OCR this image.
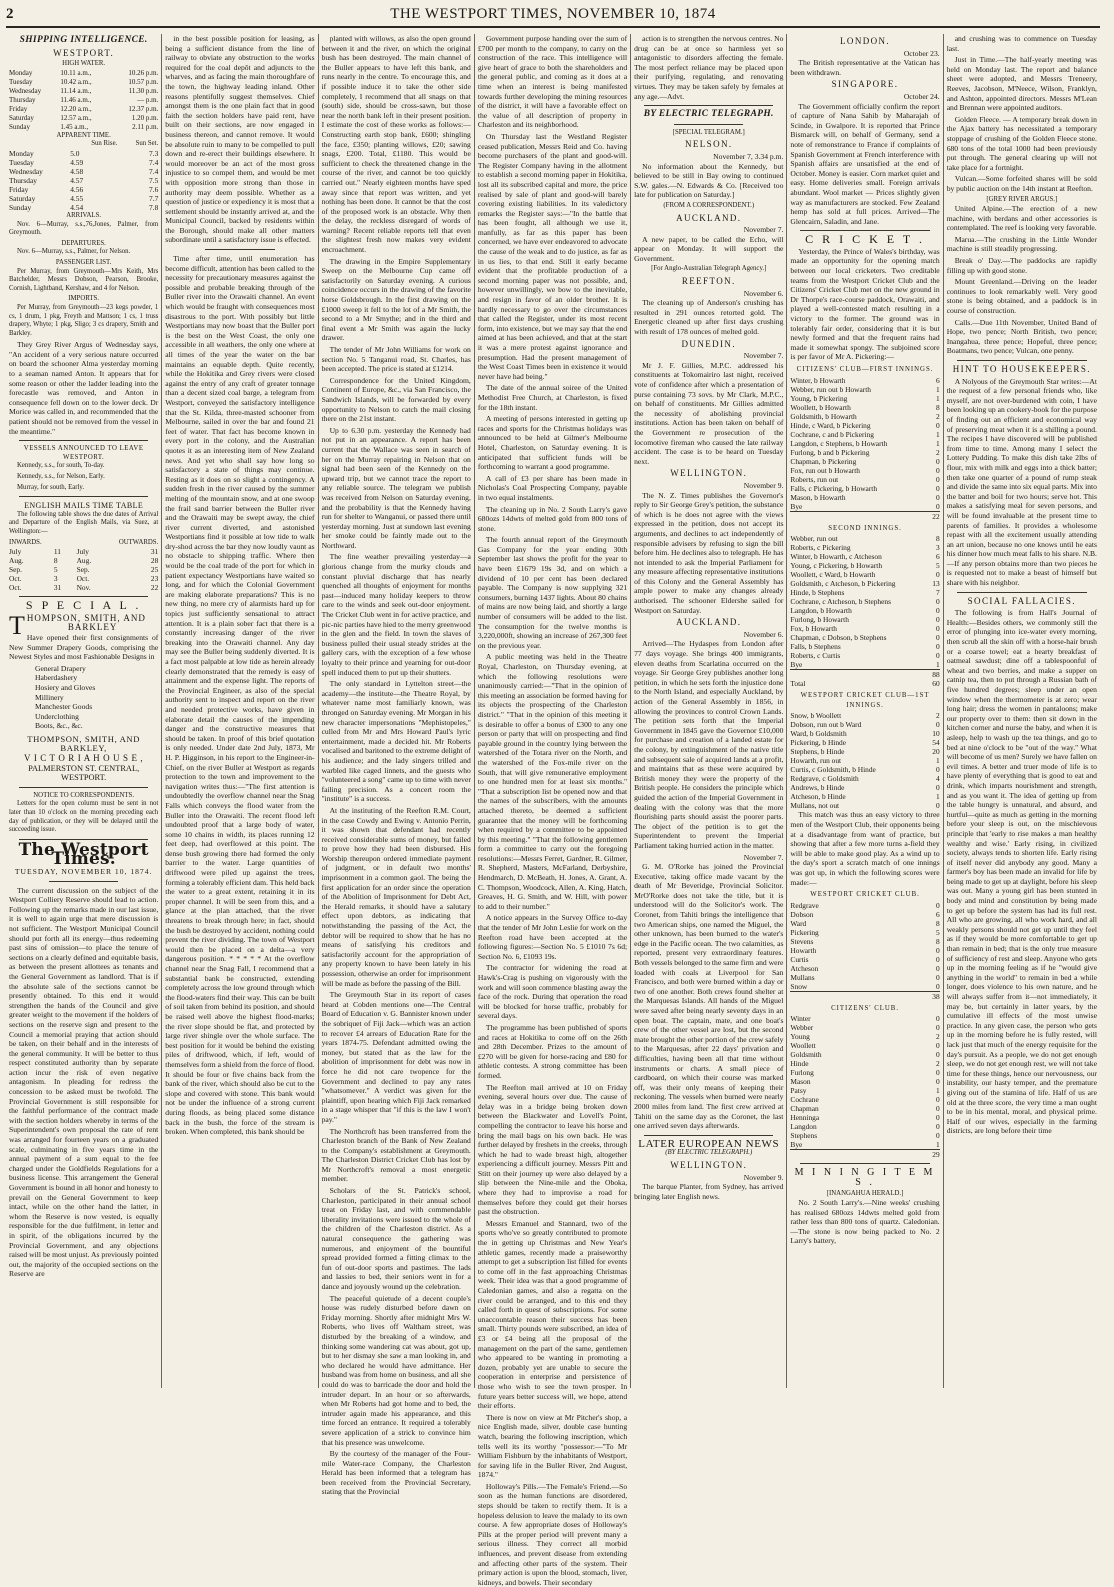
2	THE WESTPORT TIMES, NOVEMBER 10, 1874
SHIPPING INTELLIGENCE.
WESTPORT.
HIGH WATER.
Monday	10.11 a.m.,	10.26 p.m.
Tuesday	10.42 a.m.,	10.57 p.m.
Wednesday	11.14 a.m.,	11.30 p.m.
Thursday	11.46 a.m.,	— p.m.
Friday	12.20 a.m.,	12.37 p.m.
Saturday	12.57 a.m.,	1.20 p.m.
Sunday	1.45 a.m.,	2.11 p.m.
APPARENT TIME.
	Sun Rise.	Sun Set.
Monday	5.0	7.3
Tuesday	4.59	7.4
Wednesday	4.58	7.4
Thursday	4.57	7.5
Friday	4.56	7.6
Saturday	4.55	7.7
Sunday	4.54	7.8
ARRIVALS.

Nov. 6—Murray, s.s.,76,Jones, Palmer, from Greymouth.

DEPARTURES.

Nov. 6—Murray, s.s., Palmer, for Nelson.

PASSENGER LIST.

Per Murray, from Greymouth—Mrs Keith, Mrs Batchelder, Messrs Dobson, Pearson, Brooke, Cornish, Lightband, Kershaw, and 4 for Nelson.

IMPORTS.

Per Murray, from Greymouth—23 kegs powder, 1 cs, 1 drum, 1 pkg, Freyth and Mattson; 1 cs, 1 truss drapery, Whyte; 1 pkg, Sligo; 3 cs drapery, Smith and Barkley.

They Grey River Argus of Wednesday says, "An accident of a very serious nature occurred on board the schooner Alma yesterday morning to a seaman named Anton. It appears that for some reason or other the ladder leading into the forecastle was removed, and Anton in consequence fell down on to the lower deck. Dr Morice was called in, and recommended that the patient should not be removed from the vessel in the meantime."

VESSELS ANNOUNCED TO LEAVE WESTPORT.

Kennedy, s.s., for south, To-day.

Kennedy, s.s., for Nelson, Early.

Murray, for south, Early.

ENGLISH MAILS TIME TABLE

The following table shows the due dates of Arrival and Departure of the English Mails, via Suez, at Wellington:—

INWARDS.		OUTWARDS.	
July	11	July	31
Aug.	8	Aug.	28
Sep.	5	Sep.	25
Oct.	3	Oct.	23
Oct.	31	Nov.	22
S P E C I A L .
T HOMPSON, SMITH, AND
BARKLEY

Have opened their first consignments of New Summer Drapery Goods, comprising the Newest Styles and most Fashionable Designs in

General Drapery
Haberdashery
Hosiery and Gloves
Millinery
Manchester Goods
Underclothing
Boots, &c., &c.
THOMPSON, SMITH, AND BARKLEY,
V I C T O R I A H O U S E ,
PALMERSTON ST. CENTRAL,
WESTPORT.
NOTICE TO CORRESPONDENTS.

Letters for the open column must be sent in not later than 10 o'clock on the morning preceding each day of publication, or they will be delayed until the succeeding issue.

The Westport Times.
TUESDAY, NOVEMBER 10, 1874.

The current discussion on the subject of the Westport Colliery Reserve should lead to action. Following up the remarks made in our last issue, it is well to again urge that mere discussion is not sufficient. The Westport Municipal Council should put forth all its energy—thus redeeming past sins of omission—to place the tenure of sections on a clearly defined and equitable basis, as between the present allottees as tenants and the General Government as landlord. That is if the absolute sale of the sections cannot be presently obtained. To this end it would strengthen the hands of the Council and give greater weight to the movement if the holders of sections on the reserve sign and present to the Council a memorial praying that action should be taken, on their behalf and in the interests of the general community. It will be better to thus respect constituted authority than by separate action incur the risk of even negative antagonism. In pleading for redress the concession to be asked must be twofold. The Provincial Government is still responsible for the faithful performance of the contract made with the section holders whereby in terms of the Superintendent's own proposal the rate of rent was arranged for fourteen years on a graduated scale, culminating in five years time in the annual payment of a sum equal to the fee charged under the Goldfields Regulations for a business license. This arrangement the General Government is bound in all honor and honesty to prevail on the General Government to keep intact, while on the other hand the latter, in whom the Reserve is now vested, is equally responsible for the due fulfilment, in letter and in spirit, of the obligations incurred by the Provincial Government, and any objections raised will be most unjust. As previously pointed out, the majority of the occupied sections on the Reserve are

in the best possible position for leasing, as being a sufficient distance from the line of railway to obviate any obstruction to the works required for the coal depôt and adjuncts to the wharves, and as facing the main thoroughfare of the town, the highway leading inland. Other reasons plentifully suggest themselves. Chief amongst them is the one plain fact that in good faith the section holders have paid rent, have built on their sections, are now engaged in business thereon, and cannot remove. It would be absolute ruin to many to be compelled to pull down and re-erect their buildings elsewhere. It would moreover be an act of the most gross injustice to so compel them, and would be met with opposition more strong than those in authority may deem possible. Whether as a question of justice or expediency it is most that a settlement should be instantly arrived at, and the Municipal Council, backed by residents within the Borough, should make all other matters subordinate until a satisfactory issue is effected.

Time after time, until enumeration has become difficult, attention has been called to the necessity for precautionary measures against the possible and probable breaking through of the Buller river into the Orawaiti channel. An event which would be fraught with consequences most disastrous to the port. With possibly but little Westportians may now boast that the Buller port is the best on the West Coast, the only one accessible in all weathers, the only one where at all times of the year the water on the bar maintains an equable depth. Quite recently, while the Hokitika and Grey rivers were closed against the entry of any craft of greater tonnage than a decent sized coal barge, a telegram from Westport, conveyed the satisfactory intelligence that the St. Kilda, three-masted schooner from Melbourne, sailed in over the bar and found 21 feet of water. That fact has become known in every port in the colony, and the Australian quotes it as an interesting item of New Zealand news. And yet who shall say how long so satisfactory a state of things may continue. Resting as it does on so slight a contingency. A sudden fresh in the river caused by the summer melting of the mountain snow, and at one swoop the frail sand barrier between the Buller river and the Orawaiti may be swept away, the chief river current diverted, and astonished Westportians find it possible at low tide to walk dry-shod across the bar they now loudly vaunt as no obstacle to shipping traffic. Where then would be the coal trade of the port for which in patient expectancy Westportians have waited so long, and for which the Colonial Government are making elaborate preparations? This is no new thing, no mere cry of alarmists hard up for topics just sufficiently sensational to attract attention. It is a plain sober fact that there is a constantly increasing danger of the river breaking into the Orawaiti channel. Any day may see the Buller being suddenly diverted. It is a fact most palpable at low tide as herein already clearly demonstrated that the remedy is easy of attainment and the expense light. The reports of the Provincial Engineer, as also of the special authority sent to inspect and report on the river and needed protective works, have given in elaborate detail the causes of the impending danger and the constructive measures that should be taken. In proof of this brief quotation is only needed. Under date 2nd July, 1873, Mr H. P. Higginson, in his report to the Engineer-in-Chief, on the river Buller at Westport as regards protection to the town and improvement to the navigation writes thus:—"The first attention is undoubtedly the overflow channel near the Snag Falls which conveys the flood water from the Buller into the Orawaiti. The recent flood left undoubted proof that a large body of water, some 10 chains in width, its places running 12 feet deep, had overflowed at this point. The dense bush growing there had formed the only barrier to the water. Large quantities of driftwood were piled up against the trees, forming a tolerably efficient dam. This held back the water to a great extent, retaining it in its proper channel. It will be seen from this, and a glance at the plan attached, that the river threatens to break through here; in fact, should the bush be destroyed by accident, nothing could prevent the river dividing. The town of Westport would then be placed on a delta—a very dangerous position. * * * * * At the overflow channel near the Snag Fall, I recommend that a substantial bank be constructed, extending completely across the low ground through which the flood-waters find their way. This can be built of soil taken from behind its position, and should be raised well above the highest flood-marks; the river slope should be flat, and protected by large river shingle over the whole surface. The best position for it would be behind the existing piles of driftwood, which, if left, would of themselves form a shield from the force of flood. It should be four or five chains back from the bank of the river, which should also be cut to the slope and covered with stone. This bank would not be under the influence of a strong current during floods, as being placed some distance back in the bush, the force of the stream is broken. When completed, this bank should be

planted with willows, as also the open ground between it and the river, on which the original bush has been destroyed. The main channel of the Buller appears to have left this bank, and runs nearly in the centre. To encourage this, and if possible induce it to take the other side completely, I recommend that all snags on that (south) side, should be cross-sawn, but those near the north bank left in their present position. I estimate the cost of these works as follows:—Constructing earth stop bank, £600; shingling the face, £350; planting willows, £20; sawing snags, £200. Total, £1180. This would be sufficient to check the threatened change in the course of the river, and cannot be too quickly carried out." Nearly eighteen months have sped away since that report was written, and yet nothing has been done. It cannot be that the cost of the proposed work is an obstacle. Why then the delay, the reckless disregard of words of warning? Recent reliable reports tell that even the slightest fresh now makes very evident encroachment.

The drawing in the Empire Supplementary Sweep on the Melbourne Cup came off satisfactorily on Saturday evening. A curious coincidence occurs in the drawing of the favorite horse Goldsbrough. In the first drawing on the £1000 sweep it fell to the lot of a Mr Smith, the second to a Mr Smythe; and in the third and final event a Mr Smith was again the lucky drawer.

The tender of Mr John Williams for work on section No. 5 Tanganui road, St. Charles, has been accepted. The price is stated at £1214.

Correspondence for the United Kingdom, Continent of Europe, &c., via San Francisco, the Sandwich Islands, will be forwarded by every opportunity to Nelson to catch the mail closing there on the 21st instant.

Up to 6.30 p.m. yesterday the Kennedy had not put in an appearance. A report has been current that the Wallace was seen in search of her on the Murray repairing in Nelson that on signal had been seen of the Kennedy on the upward trip, but we cannot trace the report to any reliable source. The telegram we publish was received from Nelson on Saturday evening, and the probability is that the Kennedy having run for shelter to Wanganui, or passed there until yesterday morning. Just at sundown last evening her smoke could be faintly made out to the Northward.

The fine weather prevailing yesterday—a glorious change from the murky clouds and constant pluvial discharge that has nearly quenched all thoughts of enjoyment for months past—induced many holiday keepers to throw care to the winds and seek out-door enjoyment. The Cricket Club went in for active practice, and pic-nic parties have hied to the merry greenwood in the glen and the field. In town the slaves of business pulled their usual steady strides at the gallery cars, with the exception of a few whose loyalty to their prince and yearning for out-door spell induced them to put up their shutters.

The only standard in Lyttelton street—the academy—the institute—the Theatre Royal, by whatever name most familiarly known, was thronged on Saturday evening. Mr Morgan in his new character impersonations "Mephistopeles," culled from Mr and Mrs Howard Paul's lyric entertainment, made a decided hit. Mr Roberts vocalised and baritoned to the extreme delight of his audience; and the lady singers trilled and warbled like caged linnets, and the guests who "volunteered a song" came up to time with never failing precision. As a concert room the "institute" is a success.

At the instituting of the Reefton R.M. Court, in the case Cowdy and Ewing v. Antonio Perrin, it was shown that defendant had recently received considerable sums of money, but failed to prove how they had been disbursed. His Worship thereupon ordered immediate payment of judgment, or in default two months' imprisonment in a common gaol. The being the first application for an order since the operation of the Abolition of Imprisonment for Debt Act, the Herald remarks, it should have a salutary effect upon debtors, as indicating that notwithstanding the passing of the Act, the debtor will be required to show that he has no means of satisfying his creditors and satisfactorily account for the appropriation of any property known to have been lately in his possession, otherwise an order for imprisonment will be made as before the passing of the Bill.

The Greymouth Star in its report of cases heard at Cobden mentions one—The Central Board of Education v. G. Bannister known under the sobriquet of Fiji Jack—which was an action to recover £4 arrears of Education Rate for the years 1874-75. Defendant admitted owing the money, but stated that as the law for the abolition of imprisonment for debt was now in force he did not care twopence for the Government and declined to pay any rates "whatsomever." A verdict was given for the plaintiff, upon hearing which Fiji Jack remarked in a stage whisper that "if this is the law I won't pay."

The Northcroft has been transferred from the Charleston branch of the Bank of New Zealand to the Company's establishment at Greymouth. The Charleston District Cricket Club has lost by Mr Northcroft's removal a most energetic member.

Scholars of the St. Patrick's school, Charleston, participated in their annual school treat on Friday last, and with commendable liberality invitations were issued to the whole of the children of the Charleston district. As a natural consequence the gathering was numerous, and enjoyment of the bountiful spread provided formed a fitting climax to the fun of out-door sports and pastimes. The lads and lassies to bed, their seniors went in for a dance and joyously wound up the celebration.

The peaceful quietude of a decent couple's house was rudely disturbed before dawn on Friday morning. Shortly after midnight Mrs W. Roberts, who lives off Waltham street, was disturbed by the breaking of a window, and thinking some wandering cat was about, got up, but to her dismay she saw a man looking in, and who declared he would have admittance. Her husband was from home on business, and all she could do was to barricade the door and hold the intruder depart. In an hour or so afterwards, when Mr Roberts had got home and to bed, the intruder again made his appearance, and this time forced an entrance. It required a tolerably severe application of a strick to convince him that his presence was unwelcome.

By the courtesy of the manager of the Four-mile Water-race Company, the Charleston Herald has been informed that a telegram has been received from the Provincial Secretary, stating that the Provincial

Government purpose handing over the sum of £700 per month to the company, to carry on the construction of the race. This intelligence will give heart of grace to both the shareholders and the general public, and coming as it does at a time when an interest is being manifested towards further developing the mining resources of the district, it will have a favorable effect on the value of all description of property in Charleston and its neighborhood.

On Thursday last the Westland Register ceased publication, Messrs Reid and Co. having become purchasers of the plant and good-will. The Register Company having in the allotment to establish a second morning paper in Hokitika, lost all its subscribed capital and more, the price realised by sale of plant and good-will barely covering existing liabilities. In its valedictory remarks the Register says:—"In the battle that has been fought, all although we use it, manfully, as far as this paper has been concerned, we have ever endeavored to advocate the cause of the weak and to do justice, as far as in us lies, to that end. Still it early became evident that the profitable production of a second morning paper was not possible, and, however unwillingly, we bow to the inevitable, and resign in favor of an older brother. It is hardly necessary to go over the circumstances that called the Register, under its most recent form, into existence, but we may say that the end aimed at has been achieved, and that at the start it was a mere protest against ignorance and presumption. Had the present management of the West Coast Times been in existence it would never have had being."

The date of the annual soiree of the United Methodist Free Church, at Charleston, is fixed for the 18th instant.

A meeting of persons interested in getting up races and sports for the Christmas holidays was announced to be held at Gilmer's Melbourne Hotel, Charleston, on Saturday evening. It is anticipated that sufficient funds will be forthcoming to warrant a good programme.

A call of £3 per share has been made in Nicholas's Coal Prospecting Company, payable in two equal instalments.

The cleaning up in No. 2 South Larry's gave 680ozs 14dwts of melted gold from 800 tons of stone.

The fourth annual report of the Greymouth Gas Company for the year ending 30th September last shows the profit for the year to have been £1679 19s 3d, and on which a dividend of 10 per cent has been declared payable. The Company is now supplying 321 consumers, burning 1437 lights. About 80 chains of mains are now being laid, and shortly a large number of consumers will be added to the list. The consumption for the twelve months is 3,220,000ft, showing an increase of 267,300 feet on the previous year.

A public meeting was held in the Theatre Royal, Charleston, on Thursday evening, at which the following resolutions were unanimously carried:—"That in the opinion of this meeting an association be formed having for its objects the prospecting of the Charleston district." "That in the opinion of this meeting it is desirable to offer a bonus of £300 to any one person or party that will on prospecting and find payable ground in the country lying between the watershed of the Totara river on the North, and the watershed of the Fox-mile river on the South, that will give remunerative employment to one hundred men for at least six months." "That a subscription list be opened now and that the names of the subscribers, with the amounts attached thereto, be deemed a sufficient guarantee that the money will be forthcoming when required by a committee to be appointed by this meeting." "That the following gentlemen form a committee to carry out the foregoing resolutions:—Messrs Ferret, Gardner, R. Gilmer, R. Shepherd, Masters, McFarland, Derbyshire, Hendmarch, D. McBeath, H. Jones, A. Grant, A. C. Thompson, Woodcock, Allen, A. King, Hatch, Greaves, H. G. Smith, and W. Hill, with power to add to their number."

A notice appears in the Survey Office to-day that the tender of Mr John Leslie for work on the Reefton road have been accepted at the following figures:—Section No. 5 £1010 7s 6d; Section No. 6, £1093 19s.

The contractor for widening the road at Hawk's-Crag is pushing on vigorously with the work and will soon commence blasting away the face of the rock. During that operation the road will be blocked for horse traffic, probably for several days.

The programme has been published of sports and races at Hokitika to come off on the 26th and 28th December. Prizes to the amount of £270 will be given for horse-racing and £80 for athletic contests. A strong committee has been formed.

The Reefton mail arrived at 10 on Friday evening, several hours over due. The cause of delay was in a bridge being broken down between the Blackwater and Lovell's Point, compelling the contractor to leave his horse and bring the mail bags on his own back. He was further delayed by freshets in the creeks, through which he had to wade breast high, altogether experiencing a difficult journey. Messrs Pitt and Stitt on their journey up were also delayed by a slip between the Nine-mile and the Oboka, where they had to improvise a road for themselves before they could get their horses past the obstruction.

Messrs Emanuel and Stannard, two of the sports who've so greatly contributed to promote the in getting up Christmas and New Year's athletic games, recently made a praiseworthy attempt to get a subscription list filled for events to come off in the fast approaching Christmas week. Their idea was that a good programme of Caledonian games, and also a regatta on the river could be arranged, and to this end they called forth in quest of subscriptions. For some unaccountable reason their success has been small. Thirty pounds were subscribed, an idea of £3 or £4 being all the proposal of the management on the part of the same, gentlemen who appeared to be wanting in promoting a dozen, probably yet are unable to secure the cooperation in enterprise and persistence of those who wish to see the town prosper. In future years better success will, we hope, attend their efforts.

There is now on view at Mr Pitcher's shop, a nice English made, silver, double case hunting watch, bearing the following inscription, which tells well its its worthy "possessor:—"To Mr William Fishburn by the inhabitants of Westport, for saving life in the Buller River, 2nd August, 1874."

Holloway's Pills.—The Female's Friend.—So soon as the human functions are disordered, steps should be taken to rectify them. It is a hopeless delusion to leave the malady to its own course. A few appropriate doses of Holloway's Pills at the proper period will prevent many a serious illness. They correct all morbid influences, and prevent disease from extending and affecting other parts of the system. Their primary action is upon the blood, stomach, liver, kidneys, and bowels. Their secondary

action is to strengthen the nervous centres. No drug can be at once so harmless yet so antagonistic to disorders affecting the female. The most perfect reliance may be placed upon their purifying, regulating, and renovating virtues. They may be taken safely by females at any age.—Advt.

BY ELECTRIC TELEGRAPH.
[SPECIAL TELEGRAM.]
NELSON.
November 7, 3.34 p.m.

No information about the Kennedy, but believed to be still in Bay owing to continued S.W. gales.—N. Edwards & Co. [Received too late for publication on Saturday.]

(FROM A CORRESPONDENT.)
AUCKLAND.
November 7.

A new paper, to be called the Echo, will appear on Monday. It will support the Government.

[For Anglo-Australian Telegraph Agency.]
REEFTON.
November 6.

The cleaning up of Anderson's crushing has resulted in 291 ounces retorted gold. The Energetic cleaned up after first days crushing with result of 178 ounces of melted gold.

DUNEDIN.
November 7.

Mr J. F. Gillies, M.P.C. addressed his constituents at Tokomairiro last night, received vote of confidence after which a presentation of purse containing 73 sovs. by Mr Clark, M.P.C., on behalf of constituents. Mr Gillies admitted the necessity of abolishing provincial institutions. Action has been taken on behalf of the Government re prosecution of the locomotive fireman who caused the late railway accident. The case is to be heard on Tuesday next.

WELLINGTON.
November 9.

The N. Z. Times publishes the Governor's reply to Sir George Grey's petition, the substance of which is he does not agree with the views expressed in the petition, does not accept its arguments, and declines to act independently of responsible advisers by refusing to sign the bill before him. He declines also to telegraph. He has not intended to ask the Imperial Parliament for any measure affecting representative institutions of this Colony and the General Assembly has ample power to make any changes already authorised. The schooner Eldershe sailed for Westport on Saturday.

AUCKLAND.
November 6.

Arrived—The Hydaspes from London after 77 days voyage. She brings 400 immigrants, eleven deaths from Scarlatina occurred on the voyage. Sir George Grey publishes another long petition, in which he sets forth the injustice done to the North Island, and especially Auckland, by action of the General Assembly in 1856, in allowing the provinces to control Crown Lands. The petition sets forth that the Imperial Government in 1845 gave the Governor £10,000 for purchase and creation of a landed estate for the colony, by extinguishment of the native title and subsequent sale of acquired lands at a profit, and maintains that as these were acquired by British money they were the property of the British people. He considers the principle which guided the action of the Imperial Government in dealing with the colony was that the more flourishing parts should assist the poorer parts. The object of the petition is to get the Superintendent to prevent the Imperial Parliament taking hurried action in the matter.

November 7.

G. M. O'Rorke has joined the Provincial Executive, taking office made vacant by the death of Mr Beveridge, Provincial Solicitor. MrO'Rorke does not take the title, but it is understood will do the Solicitor's work. The Coronet, from Tahiti brings the intelligence that two American ships, one named the Miguel, the other unknown, has been burned to the water's edge in the Pacific ocean. The two calamities, as reported, present very extraordinary features. Both vessels belonged to the same firm and were loaded with coals at Liverpool for San Francisco, and both were burned within a day or two of one another. Both crews found shelter at the Marquesas Islands. All hands of the Miguel were saved after being nearly seventy days in an open boat. The captain, mate, and one boat's crew of the other vessel are lost, but the second mate brought the other portion of the crew safely to the Marquesas, after 22 days' privation and difficulties, having been all that time without instruments or charts. A small piece of cardboard, on which their course was marked off, was their only means of keeping their reckoning. The vessels when burned were nearly 2000 miles from land. The first crew arrived at Tahiti on the same day as the Coronet, the last one arrived seven days afterwards.

LATER EUROPEAN NEWS
(BY ELECTRIC TELEGRAPH.)
WELLINGTON.
November 9.

The barque Planter, from Sydney, has arrived bringing later English news.

LONDON.
October 23.

The British representative at the Vatican has been withdrawn.

SINGAPORE.
October 24.

The Government officially confirm the report of capture of Nana Sahib by Maharajah of Scinde, in Gwalpore. It is reported that Prince Bismarck will, on behalf of Germany, send a note of remonstrance to France if complaints of Spanish Government at French interference with Spanish affairs are unsatisfied at the end of October. Money is easier. Corn market quiet and easy. Home deliveries small. Foreign arrivals abundant. Wool market — Prices slightly given way as manufacturers are stocked. Few Zealand hemp has sold at full prices. Arrived—The Glencairn, Saladin, and Jane.

C R I C K E T .

Yesterday, the Prince of Wales's birthday, was made an opportunity for the opening match between our local cricketers. Two creditable teams from the Westport Cricket Club and the Citizens' Cricket Club met on the new ground in Dr Thorpe's race-course paddock, Orawaiti, and played a well-contested match resulting in a victory to the former. The ground was in tolerably fair order, considering that it is but newly formed and that the frequent rains had made it somewhat spongy. The subjoined score is per favor of Mr A. Pickering:—

CITIZENS' CLUB—FIRST INNINGS.
Winter, b Howarth	6
Webber, run out b Howarth	1
Young, b Pickering	1
Woollett, b Howarth	8
Goldsmith, b Howarth	2
Hinde, c Ward, b Pickering	0
Cochrane, c and b Pickering	1
Langdon, c Stephens, b Howarth	1
Furlong, b and b Pickering	2
Chapman, b Pickering	0
Fox, run out b Howarth	0
Roberts, run out	0
Falls, c Pickering, b Howarth	0
Mason, b Howarth	0
Bye	0
	22
SECOND INNINGS.
Webber, run out	8
Roberts, c Pickering	3
Winter, b Howarth, c Atcheson	6
Young, c Pickering, b Howarth	5
Woollett, c Ward, b Howarth	0
Goldsmith, c Atcheson, b Pickering	13
Hinde, b Stephens	7
Cochrane, c Atcheson, b Stephens	0
Langdon, b Howarth	0
Furlong, b Howarth	0
Fox, b Howarth	0
Chapman, c Dobson, b Stephens	0
Falls, b Stephens	0
Roberts, c Curtis	0
Bye	1
	88
Total	60
WESTPORT CRICKET CLUB—1ST INNINGS.
Snow, b Woollett	2
Dobson, run out b Ward	0
Ward, b Goldsmith	10
Pickering, b Hinde	54
Stephens, b Hinde	20
Howarth, run out	1
Curtis, c Goldsmith, b Hinde	0
Redgrave, c Goldsmith	4
Andrews, b Hinde	0
Atcheson, b Hinde	1
Mullans, not out	0

This match was thus an easy victory to three men of the Westport Club, their opponents being at a disadvantage from want of practice, but showing that after a few more turns a-field they will be able to make good play. As a wind up to the day's sport a scratch match of one innings was got up, in which the following scores were made:—

WESTPORT CRICKET CLUB.
Redgrave	0
Dobson	6
Ward	8
Pickering	5
Stevens	8
Howarth	0
Curtis	0
Atcheson	0
Mullans	0
Snow	0
	38
CITIZENS' CLUB.
Winter	0
Webber	0
Young	2
Woollett	0
Goldsmith	0
Hinde	2
Furlong	0
Mason	0
Patsy	1
Cochrane	0
Chapman	0
Henninga	0
Langdon	0
Stephens	0
Bye	1
	29
M I N I N G I T E M S .
[INANGAHUA HERALD.]

No. 2 South Larry's.—Nine weeks' crushing has realised 680ozs 14dwts melted gold from rather less than 800 tons of quartz. Caledonian.—The stone is now being packed to No. 2 Larry's battery,

and crushing was to commence on Tuesday last.

Just in Time.—The half-yearly meeting was held on Monday last. The report and balance sheet were adopted, and Messrs Treneery, Reeves, Jacobson, M'Neece, Wilson, Franklyn, and Ashton, appointed directors. Messrs M'Lean and Brennan were appointed auditors.

Golden Fleece. — A temporary break down in the Ajax battery has necessitated a temporary stoppage of crushing of the Golden Fleece stone. 680 tons of the total 1000 had been previously put through. The general clearing up will not take place for a fortnight.

Vulcan.—Some forfeited shares will be sold by public auction on the 14th instant at Reefton.

[GREY RIVER ARGUS.]

United Alpine.—The erection of a new machine, with berdans and other accessories is contemplated. The reef is looking very favorable.

Marua.—The crushing in the Little Wonder machine is still steadily progressing.

Break o' Day.—The paddocks are rapidly filling up with good stone.

Mount Greenland.—Driving on the leader continues to look remarkably well. Very good stone is being obtained, and a paddock is in course of construction.

Calls.—Due 11th November, United Band of Hope, two pence; North British, two pence; Inangahua, three pence; Hopeful, three pence; Boatmans, two pence; Vulcan, one penny.

HINT TO HOUSEKEEPERS.

A Nolyous of the Greymouth Star writes:—At the request of a few personal friends who, like myself, are not over-burdened with coin, I have been looking up an cookery-book for the purpose of finding out an efficient and economical way of preserving meat when it is a shilling a pound. The recipes I have discovered will be published from time to time. Among many I select the Lottery Pudding. To make this dish take 2lbs of flour, mix with milk and eggs into a thick batter; then take one quarter of a pound of rump steak and divide the same into six equal parts. Mix into the batter and boil for two hours; serve hot. This makes a satisfying meal for seven persons, and will be found invaluable at the present time to parents of families. It provides a wholesome repast with all the excitement usually attending an art union, because no one knows until he eats his dinner how much meat falls to his share. N.B.—If any person obtains more than two pieces he is requested not to make a beast of himself but share with his neighbor.

SOCIAL FALLACIES.

The following is from Hall's Journal of Health:—Besides others, we commonly still the error of plunging into ice-water every morning, then scrub all the skin off with a horse-hair brush or a coarse towel; eat a hearty breakfast of oatmeal sawdust; dine off a tablespoonful of wheat and two berries, and make a supper on catnip tea, then to put through a Russian bath of five hundred degrees; sleep under an open window when the thermometer is at zero; wear long hair; dress the women in pantaloons; make our property over to them: then sit down in the kitchen corner and nurse the baby, and when it is asleep, help to wash up the tea things, and go to bed at nine o'clock to be "out of the way." What will become of us men? Surely we have fallen on evil times. A better and truer mode of life is to have plenty of everything that is good to eat and drink, which imparts nourishment and strength, and as you want it. The idea of getting up from the table hungry is unnatural, and absurd, and hurtful—quite as much as getting in the morning before your sleep is out, on the mischievous principle that 'early to rise makes a man healthy wealthy and wise.' Early rising, in civilized society, always tends to shorten life. Early rising of itself never did anybody any good. Many a farmer's boy has been made an invalid for life by being made to get up at daylight, before his sleep was out. Many a young girl has been stunted in body and mind and constitution by being made to get up before the system has had its full rest. All who are growing, all who work hard, and all weakly persons should not get up until they feel as if they would be more comfortable to get up than remain in bed; that is the only true measure of sufficiency of rest and sleep. Anyone who gets up in the morning feeling as if he "would give anything in the world" to remain in bed a while longer, does violence to his own nature, and he will always suffer from it—not immediately, it may be, but certainly in latter years, by the cumulative ill effects of the most unwise practice. In any given case, the person who gets up in the morning before he is fully rested, will lack just that much of the energy requisite for the day's pursuit. As a people, we do not get enough sleep, we do not get enough rest, we will not take time for these things, hence our nervousness, our instability, our hasty temper, and the premature giving out of the stamina of life. Half of us are old at the three score, the very time a man ought to be in his mental, moral, and physical prime. Half of our wives, especially in the farming districts, are long before their time
